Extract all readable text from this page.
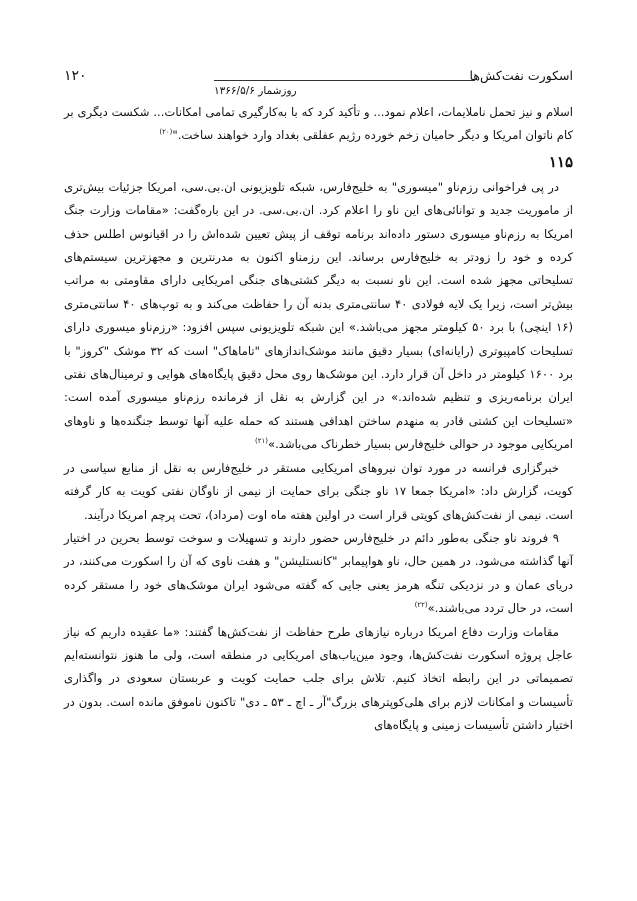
اسکورت نفت‌کش‌ها
١٢٠
روزشمار ۱۳۶۶/۵/۶

اسلام و نیز تحمل ناملایمات، اعلام نمود... و تأکید کرد که با به‌کارگیری تمامی امکانات... شکست دیگری بر کام ناتوان امریکا و دیگر حامیان زخم خورده رژیم عفلقی بغداد وارد خواهند ساخت."$^{(۲۰)}$

۱۱۵

در پی فراخوانی رزم‌ناو "میسوری" به خلیج‌فارس، شبکه تلویزیونی ان.بی.سی، امریکا جزئیات بیش‌تری از ماموریت جدید و توانائی‌های این ناو را اعلام کرد. ان.بی.سی. در این باره‌گفت: «مقامات وزارت جنگ امریکا به رزم‌ناو میسوری دستور داده‌اند برنامه توقف از پیش تعیین شده‌اش را در اقیانوس اطلس حذف کرده و خود را زودتر به خلیج‌فارس برساند. این رزمناو اکنون به مدرنترین و مجهزترین سیستم‌های تسلیحاتی مجهز شده است. این ناو نسبت به دیگر کشتی‌های جنگی امریکایی دارای مقاومتی به مراتب بیش‌تر است، زیرا یک لایه فولادی ۴۰ سانتی‌متری بدنه آن را حفاظت می‌کند و به توپ‌های ۴۰ سانتی‌متری (۱۶ اینچی) با برد ۵۰ کیلومتر مجهز می‌باشد.» این شبکه تلویزیونی سپس افزود: «رزم‌ناو میسوری دارای تسلیحات کامپیوتری (رایانه‌ای) بسیار دقیق مانند موشک‌اندازهای "تاماهاک" است که ۳۲ موشک "کروز" با برد ۱۶۰۰ کیلومتر در داخل آن قرار دارد. این موشک‌ها روی محل دقیق پایگاه‌های هوایی و ترمینال‌های نفتی ایران برنامه‌ریزی و تنظیم شده‌اند.» در این گزارش به نقل از فرمانده رزم‌ناو میسوری آمده است: «تسلیحات این کشتی قادر به منهدم ساختن اهدافی هستند که حمله علیه آنها توسط جنگنده‌ها و ناوهای امریکایی موجود در حوالی خلیج‌فارس بسیار خطرناک می‌باشد.»$^{(۲۱)}$

خبرگزاری فرانسه در مورد توان نیروهای امریکایی مستقر در خلیج‌فارس به نقل از منابع سیاسی در کویت، گزارش داد: «امریکا جمعا ۱۷ ناو جنگی برای حمایت از نیمی از ناوگان نفتی کویت به کار گرفته است. نیمی از نفت‌کش‌های کویتی قرار است در اولین هفته ماه اوت (مرداد)، تحت پرچم امریکا درآیند.

۹ فروند ناو جنگی به‌طور دائم در خلیج‌فارس حضور دارند و تسهیلات و سوخت توسط بحرین در اختیار آنها گذاشته می‌شود. در همین حال، ناو هواپیمابر "کانستلیشن" و هفت ناوی که آن را اسکورت می‌کنند، در دریای عمان و در نزدیکی تنگه هرمز یعنی جایی که گفته می‌شود ایران موشک‌های خود را مستقر کرده است، در حال تردد می‌باشند.»$^{(۲۲)}$

مقامات وزارت دفاع امریکا درباره نیازهای طرح حفاظت از نفت‌کش‌ها گفتند: «ما عقیده داریم که نیاز عاجل پروژه اسکورت نفت‌کش‌ها، وجود مین‌یاب‌های امریکایی در منطقه است، ولی ما هنوز نتوانسته‌ایم تصمیماتی در این رابطه اتخاذ کنیم. تلاش برای جلب حمایت کویت و عربستان سعودی در واگذاری تأسیسات و امکانات لازم برای هلی‌کوپترهای بزرگ"آر ـ اچ ـ ۵۳ ـ دی" تاکنون ناموفق مانده است. بدون در اختیار داشتن تأسیسات زمینی و پایگاه‌های
